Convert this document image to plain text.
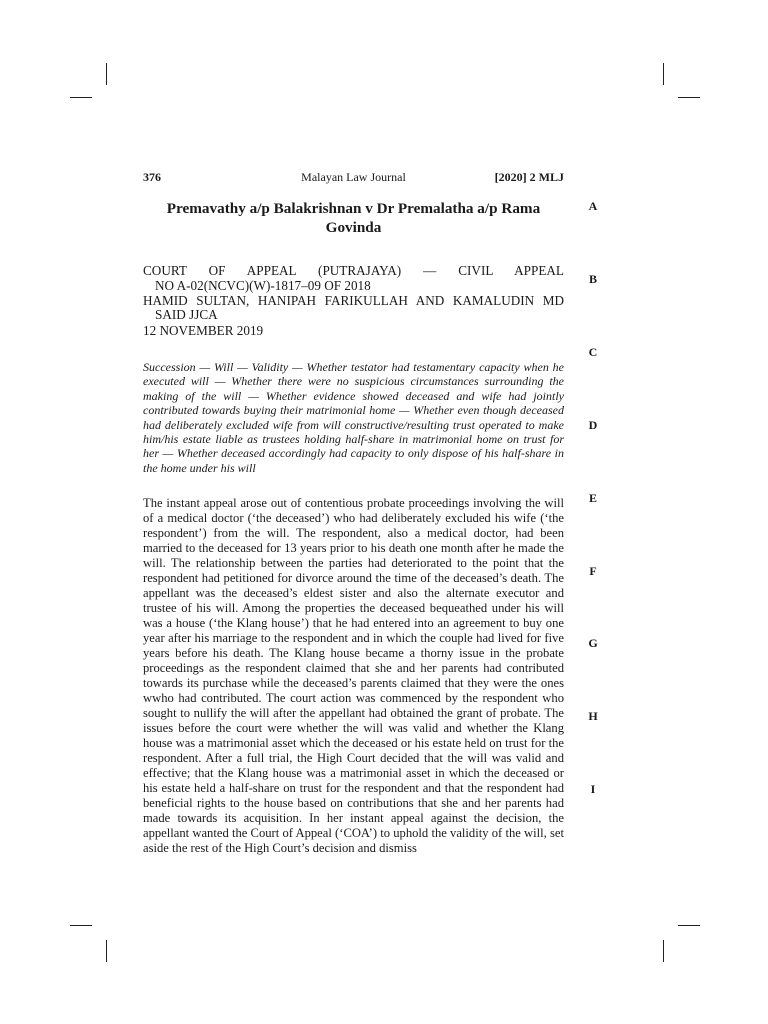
Malayan Law Journal
376	[2020] 2 MLJ
Premavathy a/p Balakrishnan v Dr Premalatha a/p Rama Govinda
COURT OF APPEAL (PUTRAJAYA) — CIVIL APPEAL
NO A-02(NCVC)(W)-1817–09 OF 2018
HAMID SULTAN, HANIPAH FARIKULLAH AND KAMALUDIN MD
SAID JJCA
12 NOVEMBER 2019

Succession — Will — Validity — Whether testator had testamentary capacity when he executed will — Whether there were no suspicious circumstances surrounding the making of the will — Whether evidence showed deceased and wife had jointly contributed towards buying their matrimonial home — Whether even though deceased had deliberately excluded wife from will constructive/resulting trust operated to make him/his estate liable as trustees holding half-share in matrimonial home on trust for her — Whether deceased accordingly had capacity to only dispose of his half-share in the home under his will

The instant appeal arose out of contentious probate proceedings involving the will of a medical doctor (‘the deceased’) who had deliberately excluded his wife (‘the respondent’) from the will. The respondent, also a medical doctor, had been married to the deceased for 13 years prior to his death one month after he made the will. The relationship between the parties had deteriorated to the point that the respondent had petitioned for divorce around the time of the deceased’s death. The appellant was the deceased’s eldest sister and also the alternate executor and trustee of his will. Among the properties the deceased bequeathed under his will was a house (‘the Klang house’) that he had entered into an agreement to buy one year after his marriage to the respondent and in which the couple had lived for five years before his death. The Klang house became a thorny issue in the probate proceedings as the respondent claimed that she and her parents had contributed towards its purchase while the deceased’s parents claimed that they were the ones wwho had contributed. The court action was commenced by the respondent who sought to nullify the will after the appellant had obtained the grant of probate. The issues before the court were whether the will was valid and whether the Klang house was a matrimonial asset which the deceased or his estate held on trust for the respondent. After a full trial, the High Court decided that the will was valid and effective; that the Klang house was a matrimonial asset in which the deceased or his estate held a half-share on trust for the respondent and that the respondent had beneficial rights to the house based on contributions that she and her parents had made towards its acquisition. In her instant appeal against the decision, the appellant wanted the Court of Appeal (‘COA’) to uphold the validity of the will, set aside the rest of the High Court’s decision and dismiss

A
B
C
D
E
F
G
H
I
